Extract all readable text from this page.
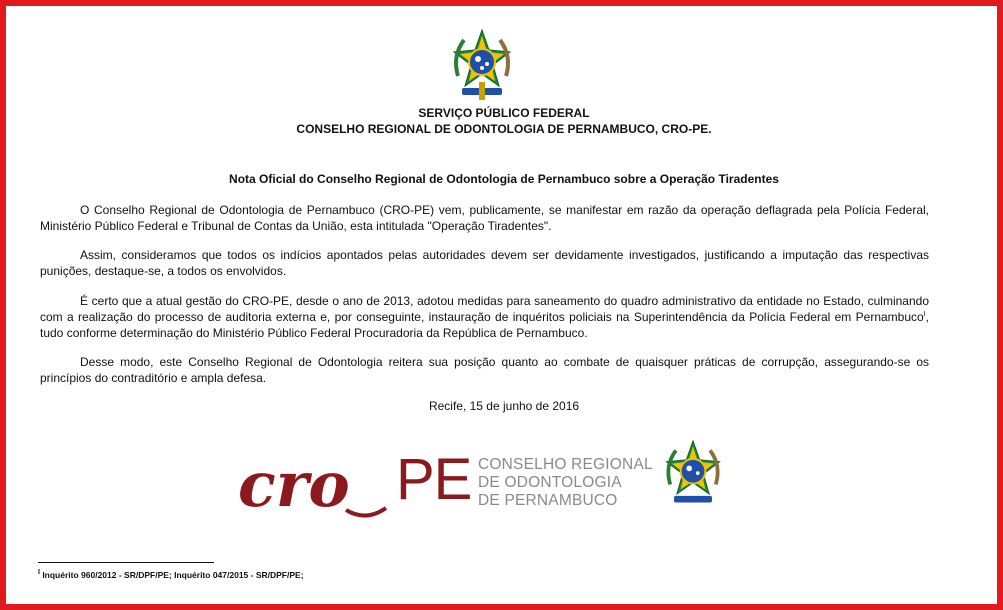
SERVIÇO PÚBLICO FEDERAL
CONSELHO REGIONAL DE ODONTOLOGIA DE PERNAMBUCO, CRO-PE.
Nota Oficial do Conselho Regional de Odontologia de Pernambuco sobre a Operação Tiradentes

O Conselho Regional de Odontologia de Pernambuco (CRO-PE) vem, publicamente, se manifestar em razão da operação deflagrada pela Polícia Federal, Ministério Público Federal e Tribunal de Contas da União, esta intitulada "Operação Tiradentes".

Assim, consideramos que todos os indícios apontados pelas autoridades devem ser devidamente investigados, justificando a imputação das respectivas punições, destaque-se, a todos os envolvidos.

É certo que a atual gestão do CRO-PE, desde o ano de 2013, adotou medidas para saneamento do quadro administrativo da entidade no Estado, culminando com a realização do processo de auditoria externa e, por conseguinte, instauração de inquéritos policiais na Superintendência da Polícia Federal em Pernambuco$^I$, tudo conforme determinação do Ministério Público Federal Procuradoria da República de Pernambuco.

Desse modo, este Conselho Regional de Odontologia reitera sua posição quanto ao combate de quaisquer práticas de corrupção, assegurando-se os princípios do contraditório e ampla defesa.

Recife, 15 de junho de 2016
cro PE CONSELHO REGIONAL
DE ODONTOLOGIA
DE PERNAMBUCO
$^I$ Inquérito 960/2012 - SR/DPF/PE; Inquérito 047/2015 - SR/DPF/PE;
